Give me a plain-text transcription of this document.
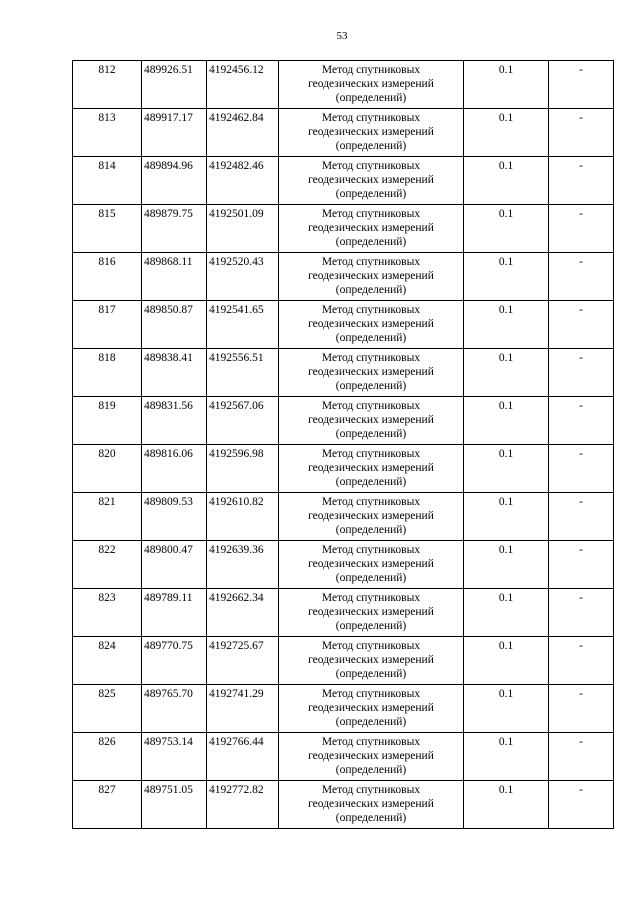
53
812	489926.51	4192456.12	Метод спутниковых
геодезических измерений
(определений)	0.1	-
813	489917.17	4192462.84	Метод спутниковых
геодезических измерений
(определений)	0.1	-
814	489894.96	4192482.46	Метод спутниковых
геодезических измерений
(определений)	0.1	-
815	489879.75	4192501.09	Метод спутниковых
геодезических измерений
(определений)	0.1	-
816	489868.11	4192520.43	Метод спутниковых
геодезических измерений
(определений)	0.1	-
817	489850.87	4192541.65	Метод спутниковых
геодезических измерений
(определений)	0.1	-
818	489838.41	4192556.51	Метод спутниковых
геодезических измерений
(определений)	0.1	-
819	489831.56	4192567.06	Метод спутниковых
геодезических измерений
(определений)	0.1	-
820	489816.06	4192596.98	Метод спутниковых
геодезических измерений
(определений)	0.1	-
821	489809.53	4192610.82	Метод спутниковых
геодезических измерений
(определений)	0.1	-
822	489800.47	4192639.36	Метод спутниковых
геодезических измерений
(определений)	0.1	-
823	489789.11	4192662.34	Метод спутниковых
геодезических измерений
(определений)	0.1	-
824	489770.75	4192725.67	Метод спутниковых
геодезических измерений
(определений)	0.1	-
825	489765.70	4192741.29	Метод спутниковых
геодезических измерений
(определений)	0.1	-
826	489753.14	4192766.44	Метод спутниковых
геодезических измерений
(определений)	0.1	-
827	489751.05	4192772.82	Метод спутниковых
геодезических измерений
(определений)	0.1	-
